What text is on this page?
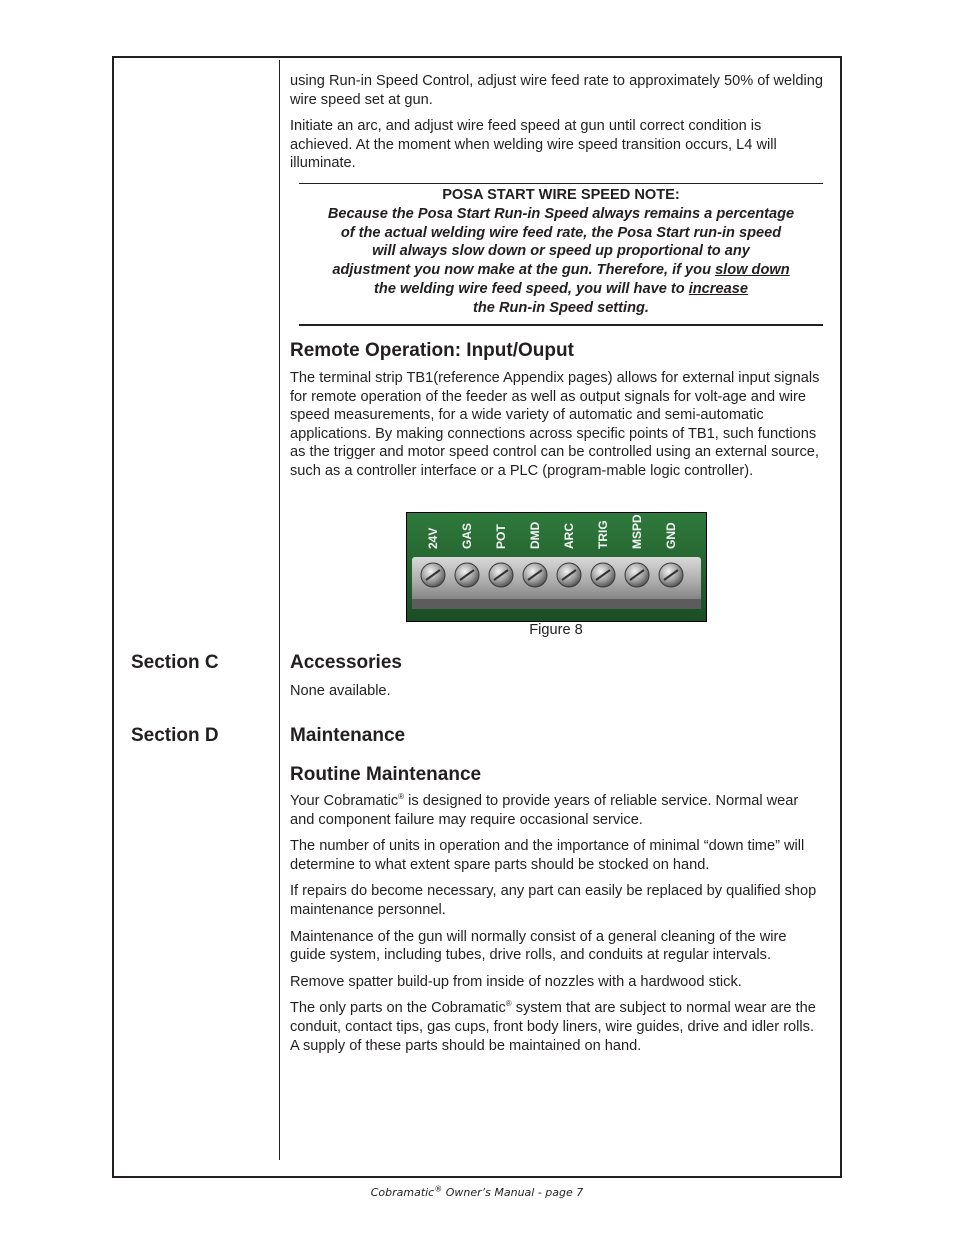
using Run-in Speed Control, adjust wire feed rate to approximately 50% of welding wire speed set at gun.

Initiate an arc, and adjust wire feed speed at gun until correct condition is achieved. At the moment when welding wire speed transition occurs, L4 will illuminate.

POSA START WIRE SPEED NOTE:
Because the Posa Start Run-in Speed always remains a percentage
of the actual welding wire feed rate, the Posa Start run-in speed
will always slow down or speed up proportional to any
adjustment you now make at the gun. Therefore, if you slow down
the welding wire feed speed, you will have to increase
the Run-in Speed setting.
Remote Operation: Input/Ouput

The terminal strip TB1(reference Appendix pages) allows for external input signals for remote operation of the feeder as well as output signals for volt-age and wire speed measurements, for a wide variety of automatic and semi-automatic applications. By making connections across specific points of TB1, such functions as the trigger and motor speed control can be controlled using an external source, such as a controller interface or a PLC (program-mable logic controller).

24V GAS POT DMD ARC TRIG MSPD GND
Figure 8
Section C	Accessories

None available.

Section D	Maintenance
Routine Maintenance

Your Cobramatic® is designed to provide years of reliable service. Normal wear and component failure may require occasional service.

The number of units in operation and the importance of minimal “down time” will determine to what extent spare parts should be stocked on hand.

If repairs do become necessary, any part can easily be replaced by qualified shop maintenance personnel.

Maintenance of the gun will normally consist of a general cleaning of the wire guide system, including tubes, drive rolls, and conduits at regular intervals.

Remove spatter build-up from inside of nozzles with a hardwood stick.

The only parts on the Cobramatic® system that are subject to normal wear are the conduit, contact tips, gas cups, front body liners, wire guides, drive and idler rolls. A supply of these parts should be maintained on hand.

Cobramatic® Owner’s Manual - page 7
